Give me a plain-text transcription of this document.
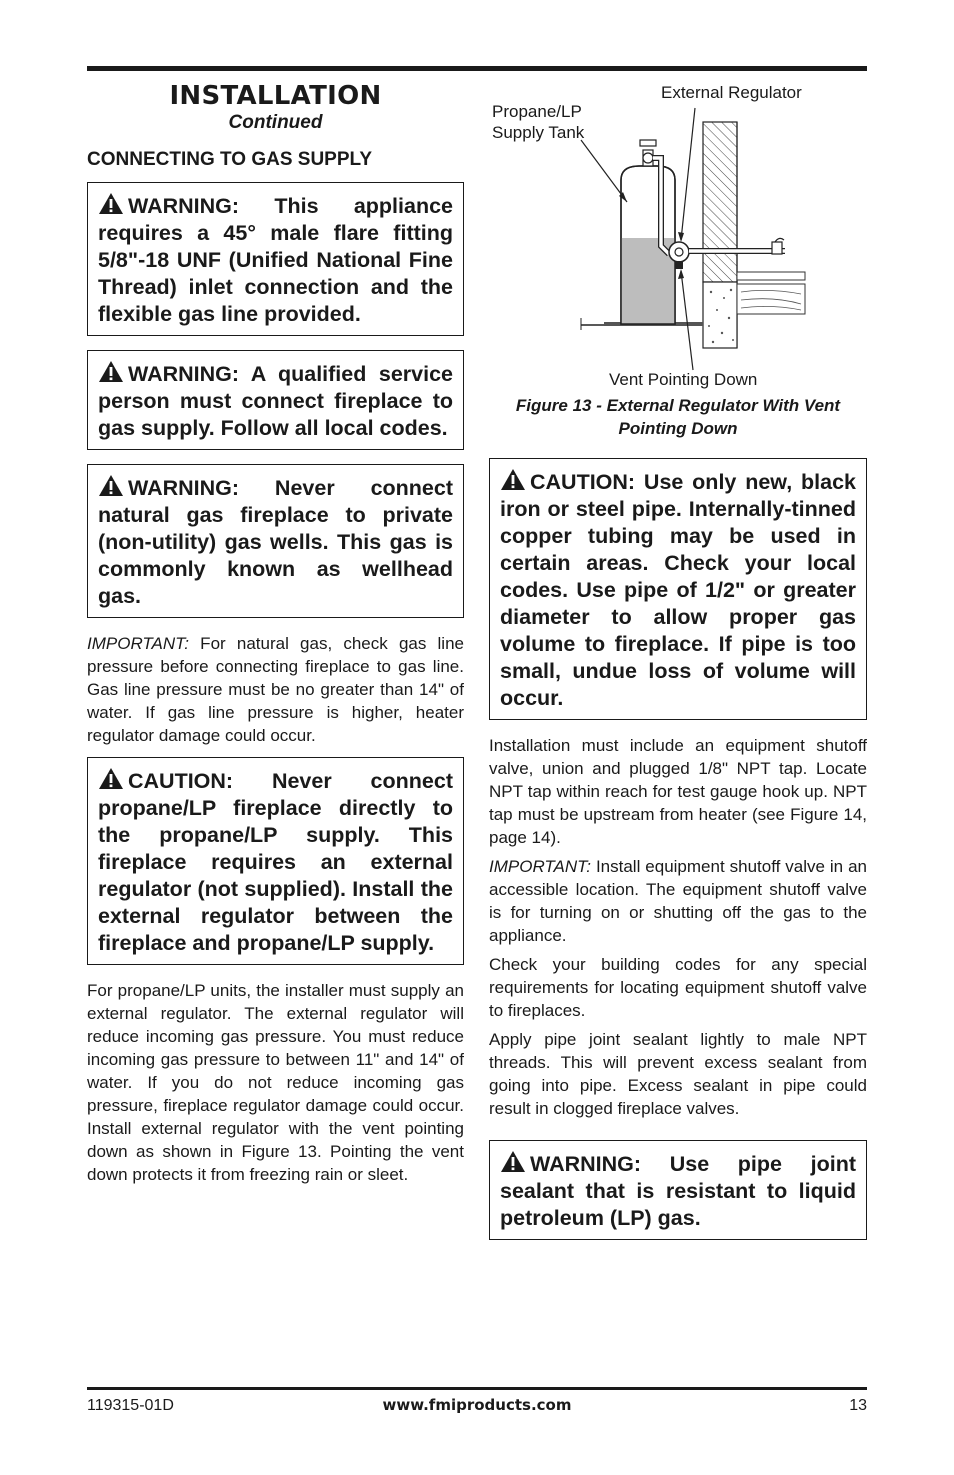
INSTALLATION
Continued
CONNECTING TO GAS SUPPLY
WARNING: This appliance requires a 45° male flare fitting 5/8"-18 UNF (Unified National Fine Thread) inlet connection and the flexible gas line provided.
WARNING: A qualified service person must connect fireplace to gas supply. Follow all local codes.
WARNING: Never connect natural gas fireplace to private (non-utility) gas wells. This gas is commonly known as wellhead gas.

IMPORTANT: For natural gas, check gas line pressure before connecting fireplace to gas line. Gas line pressure must be no greater than 14" of water. If gas line pressure is higher, heater regulator damage could occur.

CAUTION: Never connect propane/LP fireplace directly to the propane/LP supply. This fireplace requires an external regulator (not supplied). Install the external regulator between the fireplace and propane/LP supply.

For propane/LP units, the installer must supply an external regulator. The external regulator will reduce incoming gas pressure. You must reduce incoming gas pressure to between 11" and 14" of water. If you do not reduce incoming gas pressure, fireplace regulator damage could occur. Install external regulator with the vent pointing down as shown in Figure 13. Pointing the vent down protects it from freezing rain or sleet.

External Regulator
Propane/LP
Supply Tank
Vent Pointing Down
Figure 13 - External Regulator With Vent Pointing Down
CAUTION: Use only new, black iron or steel pipe. Internally-tinned copper tubing may be used in certain areas. Check your local codes. Use pipe of 1/2" or greater diameter to allow proper gas volume to fireplace. If pipe is too small, undue loss of volume will occur.

Installation must include an equipment shutoff valve, union and plugged 1/8" NPT tap. Locate NPT tap within reach for test gauge hook up. NPT tap must be upstream from heater (see Figure 14, page 14).

IMPORTANT: Install equipment shutoff valve in an accessible location. The equipment shutoff valve is for turning on or shutting off the gas to the appliance.

Check your building codes for any special requirements for locating equipment shutoff valve to fireplaces.

Apply pipe joint sealant lightly to male NPT threads. This will prevent excess sealant from going into pipe. Excess sealant in pipe could result in clogged fireplace valves.

WARNING: Use pipe joint sealant that is resistant to liquid petroleum (LP) gas.
119315-01D	www.fmiproducts.com	13
